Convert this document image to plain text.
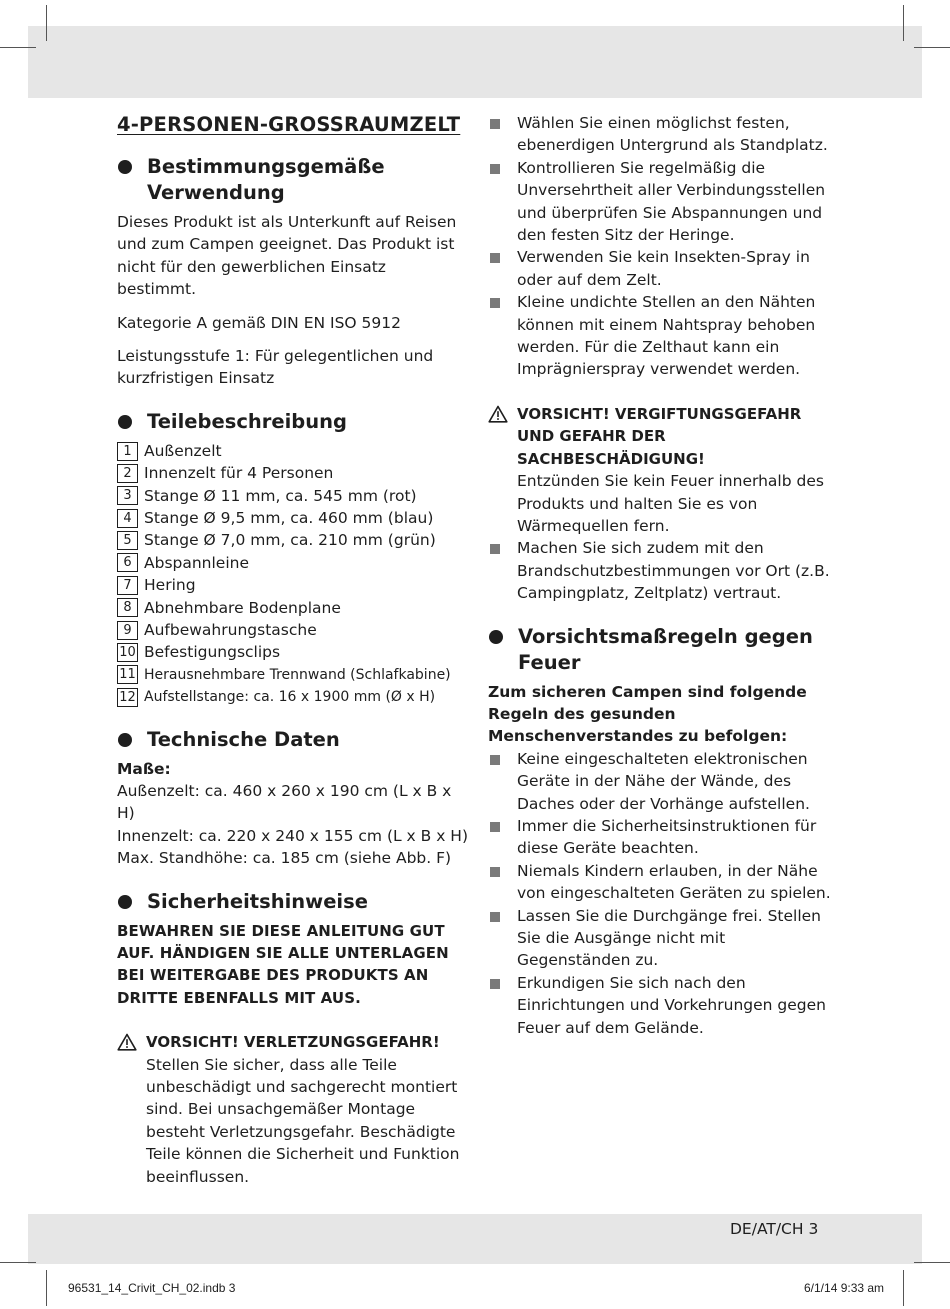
4-PERSONEN-GROSSRAUMZELT
Bestimmungsgemäße Verwendung

Dieses Produkt ist als Unterkunft auf Reisen und zum Campen geeignet. Das Produkt ist nicht für den gewerblichen Einsatz bestimmt.

Kategorie A gemäß DIN EN ISO 5912

Leistungsstufe 1: Für gelegentlichen und kurzfristigen Einsatz

Teilebeschreibung
1 Außenzelt
2 Innenzelt für 4 Personen
3 Stange Ø 11 mm, ca. 545 mm (rot)
4 Stange Ø 9,5 mm, ca. 460 mm (blau)
5 Stange Ø 7,0 mm, ca. 210 mm (grün)
6 Abspannleine
7 Hering
8 Abnehmbare Bodenplane
9 Aufbewahrungstasche
10 Befestigungsclips
11 Herausnehmbare Trennwand (Schlafkabine)
12 Aufstellstange: ca. 16 x 1900 mm (Ø x H)
Technische Daten
Maße:

Außenzelt: ca. 460 x 260 x 190 cm (L x B x H)

Innenzelt: ca. 220 x 240 x 155 cm (L x B x H)

Max. Standhöhe: ca. 185 cm (siehe Abb. F)

Sicherheitshinweise

BEWAHREN SIE DIESE ANLEITUNG GUT AUF. HÄNDIGEN SIE ALLE UNTERLAGEN BEI WEITERGABE DES PRODUKTS AN DRITTE EBENFALLS MIT AUS.

VORSICHT! VERLETZUNGSGEFAHR!

Stellen Sie sicher, dass alle Teile unbeschädigt und sachgerecht montiert sind. Bei unsachgemäßer Montage besteht Verletzungsgefahr. Beschädigte Teile können die Sicherheit und Funktion beeinflussen.

Wählen Sie einen möglichst festen, ebenerdigen Untergrund als Standplatz.
Kontrollieren Sie regelmäßig die Unversehrtheit aller Verbindungsstellen und überprüfen Sie Abspannungen und den festen Sitz der Heringe.
Verwenden Sie kein Insekten-Spray in oder auf dem Zelt.
Kleine undichte Stellen an den Nähten können mit einem Nahtspray behoben werden. Für die Zelthaut kann ein Imprägnierspray verwendet werden.
VORSICHT! VERGIFTUNGSGEFAHR UND GEFAHR DER SACHBESCHÄDIGUNG!

Entzünden Sie kein Feuer innerhalb des Produkts und halten Sie es von Wärmequellen fern.

Machen Sie sich zudem mit den Brandschutzbestimmungen vor Ort (z.B. Campingplatz, Zeltplatz) vertraut.
Vorsichtsmaßregeln gegen Feuer

Zum sicheren Campen sind folgende Regeln des gesunden Menschenverstandes zu befolgen:

Keine eingeschalteten elektronischen Geräte in der Nähe der Wände, des Daches oder der Vorhänge aufstellen.
Immer die Sicherheitsinstruktionen für diese Geräte beachten.
Niemals Kindern erlauben, in der Nähe von eingeschalteten Geräten zu spielen.
Lassen Sie die Durchgänge frei. Stellen Sie die Ausgänge nicht mit Gegenständen zu.
Erkundigen Sie sich nach den Einrichtungen und Vorkehrungen gegen Feuer auf dem Gelände.
DE/AT/CH 3
96531_14_Crivit_CH_02.indb 3	6/1/14 9:33 am
